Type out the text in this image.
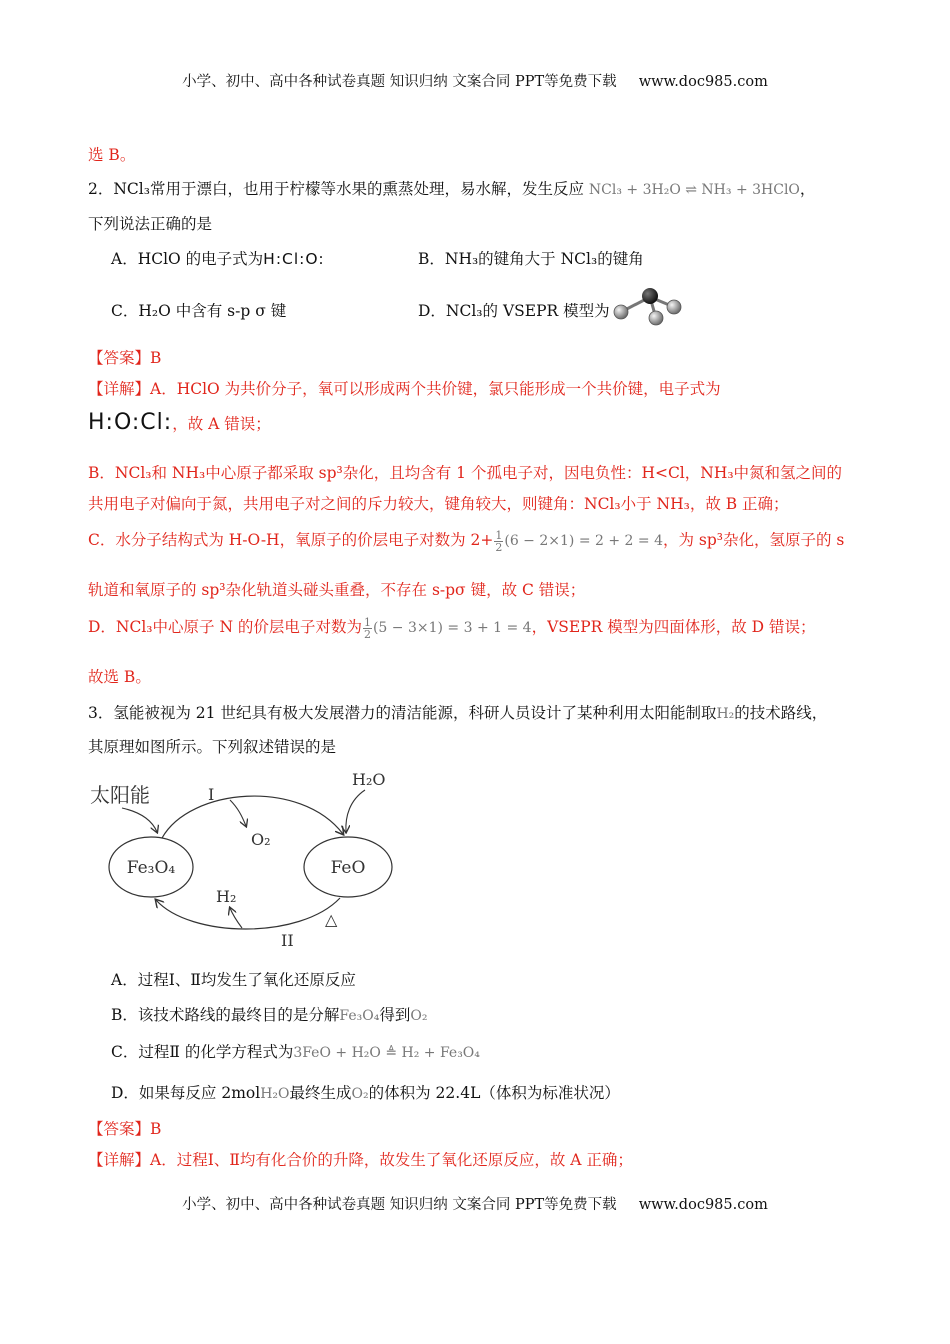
小学、初中、高中各种试卷真题 知识归纳 文案合同 PPT等免费下载 www.doc985.com
选 B。
2．NCl₃常用于漂白，也用于柠檬等水果的熏蒸处理，易水解，发生反应 NCl₃ + 3H₂O ⇌ NH₃ + 3HClO，
下列说法正确的是
A．HClO 的电子式为H:Cl:O:	B．NH₃的键角大于 NCl₃的键角
C．H₂O 中含有 s-p σ 键	D．NCl₃的 VSEPR 模型为
【答案】B
【详解】A．HClO 为共价分子，氧可以形成两个共价键，氯只能形成一个共价键，电子式为
H:O:Cl:，故 A 错误；
B．NCl₃和 NH₃中心原子都采取 sp³杂化，且均含有 1 个孤电子对，因电负性：H<Cl，NH₃中氮和氢之间的
共用电子对偏向于氮，共用电子对之间的斥力较大，键角较大，则键角：NCl₃小于 NH₃，故 B 正确；
C．水分子结构式为 H-O-H，氧原子的价层电子对数为 $2+ \frac{1}{2} (6 - 2\times 1) = 2 + 2 = 4$，为 sp³杂化，氢原子的 s
轨道和氧原子的 sp³杂化轨道头碰头重叠，不存在 s-pσ 键，故 C 错误；
D．NCl₃中心原子 N 的价层电子对数为 $\frac{1}{2} (5 - 3\times 1) = 3 + 1 = 4$，VSEPR 模型为四面体形，故 D 错误；
故选 B。
3．氢能被视为 21 世纪具有极大发展潜力的清洁能源，科研人员设计了某种利用太阳能制取H₂的技术路线，
其原理如图所示。下列叙述错误的是
太阳能	I
O₂
H₂O
H₂
△
II
Fe₃O₄	FeO
A．过程Ⅰ、Ⅱ均发生了氧化还原反应
B．该技术路线的最终目的是分解Fe₃O₄得到O₂
C．过程Ⅱ 的化学方程式为3FeO + H₂O ≜ H₂ + Fe₃O₄
D．如果每反应 2molH₂O最终生成O₂的体积为 22.4L（体积为标准状况）
【答案】B
【详解】A．过程Ⅰ、Ⅱ均有化合价的升降，故发生了氧化还原反应，故 A 正确；
小学、初中、高中各种试卷真题 知识归纳 文案合同 PPT等免费下载 www.doc985.com
